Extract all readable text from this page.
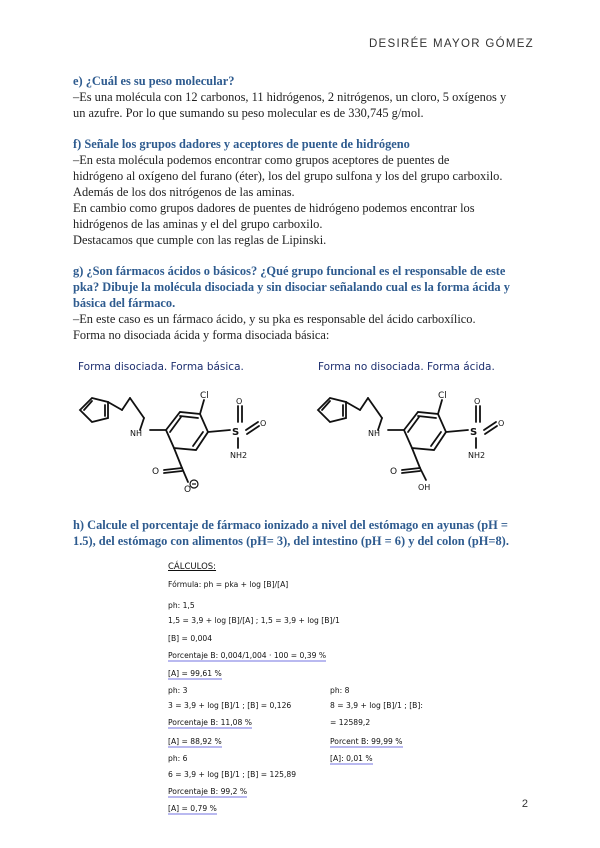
DESIRÉE MAYOR GÓMEZ
e) ¿Cuál es su peso molecular?
–Es una molécula con 12 carbonos, 11 hidrógenos, 2 nitrógenos, un cloro, 5 oxígenos y
un azufre. Por lo que sumando su peso molecular es de 330,745 g/mol.
f) Señale los grupos dadores y aceptores de puente de hidrógeno
–En esta molécula podemos encontrar como grupos aceptores de puentes de
hidrógeno al oxígeno del furano (éter), los del grupo sulfona y los del grupo carboxilo.
Además de los dos nitrógenos de las aminas.
En cambio como grupos dadores de puentes de hidrógeno podemos encontrar los
hidrógenos de las aminas y el del grupo carboxilo.
Destacamos que cumple con las reglas de Lipinski.
g) ¿Son fármacos ácidos o básicos? ¿Qué grupo funcional es el responsable de este
pka? Dibuje la molécula disociada y sin disociar señalando cual es la forma ácida y
básica del fármaco.
–En este caso es un fármaco ácido, y su pka es responsable del ácido carboxílico.
Forma no disociada ácida y forma disociada básica:
Forma disociada. Forma básica.	Forma no disociada. Forma ácida.
NH
Cl
S
O
O
NH2
O
O
NH
Cl
S
O
O
NH2
O
OH
h) Calcule el porcentaje de fármaco ionizado a nivel del estómago en ayunas (pH =
1.5), del estómago con alimentos (pH= 3), del intestino (pH = 6) y del colon (pH=8).
CÁLCULOS:
Fórmula: ph = pka + log [B]/[A]
ph: 1,5
1,5 = 3,9 + log [B]/[A] ; 1,5 = 3,9 + log [B]/1
[B] = 0,004
Porcentaje B: 0,004/1,004 · 100 = 0,39 %
[A] = 99,61 %
ph: 3
3 = 3,9 + log [B]/1 ; [B] = 0,126
Porcentaje B: 11,08 %
[A] = 88,92 %
ph: 6
6 = 3,9 + log [B]/1 ; [B] = 125,89
Porcentaje B: 99,2 %
[A] = 0,79 %
ph: 8
8 = 3,9 + log [B]/1 ; [B]:
= 12589,2
Porcent B: 99,99 %
[A]: 0,01 %
2
